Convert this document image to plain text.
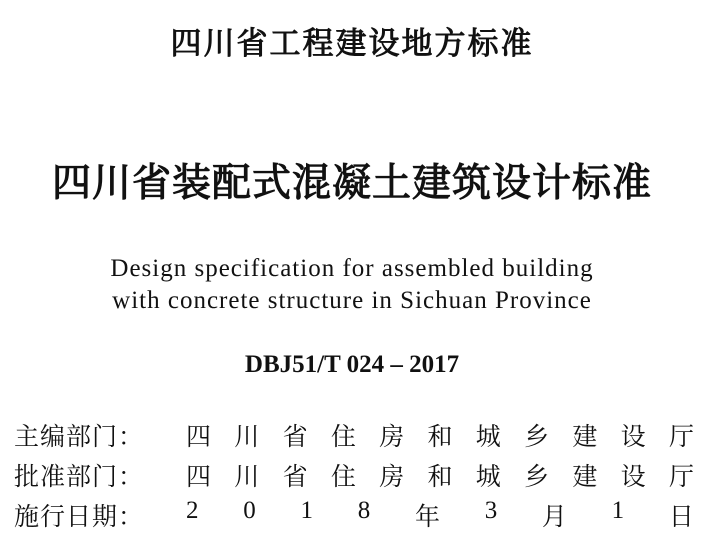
四川省工程建设地方标准
四川省装配式混凝土建筑设计标准
Design specification for assembled building
with concrete structure in Sichuan Province
DBJ51/T 024 – 2017
主编部门：	四 川 省 住 房 和 城 乡 建 设 厅
批准部门：	四 川 省 住 房 和 城 乡 建 设 厅
施行日期：	2 0 1 8 年 3 月 1 日
